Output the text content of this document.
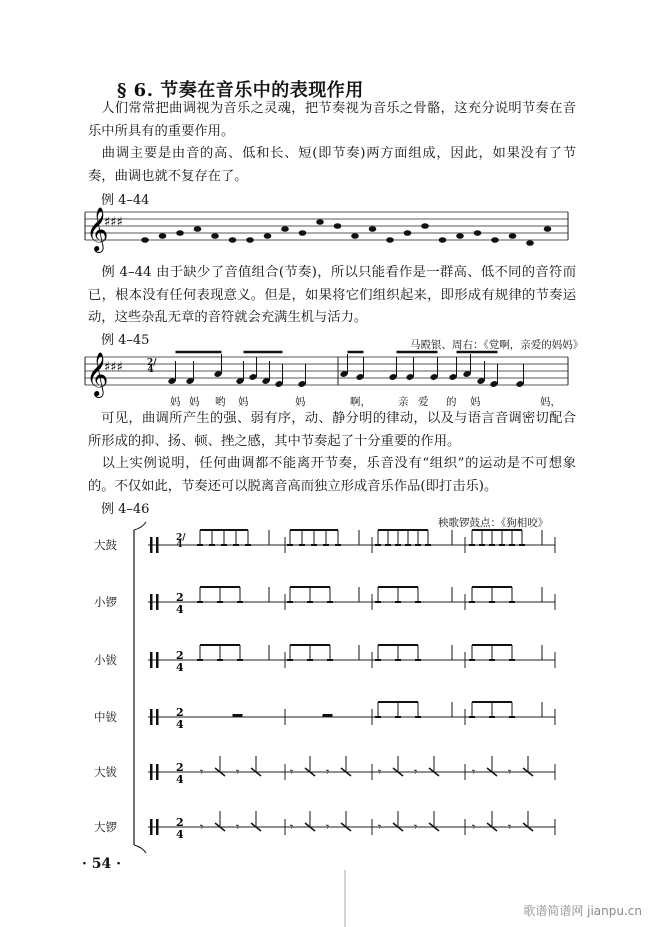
§ 6. 节奏在音乐中的表现作用
人们常常把曲调视为音乐之灵魂，把节奏视为音乐之骨骼，这充分说明节奏在音乐中所具有的重要作用。
曲调主要是由音的高、低和长、短(即节奏)两方面组成，因此，如果没有了节奏，曲调也就不复存在了。
例 4–44
例 4–44 由于缺少了音值组合(节奏)，所以只能看作是一群高、低不同的音符而已，根本没有任何表现意义。但是，如果将它们组织起来，即形成有规律的节奏运动，这些杂乱无章的音符就会充满生机与活力。
例 4–45	马殿银、周右：《党啊，亲爱的妈妈》
可见，曲调所产生的强、弱有序，动、静分明的律动，以及与语言音调密切配合所形成的抑、扬、顿、挫之感，其中节奏起了十分重要的作用。
以上实例说明，任何曲调都不能离开节奏，乐音没有“组织”的运动是不可想象的。不仅如此，节奏还可以脱离音高而独立形成音乐作品(即打击乐)。
例 4–46
秧歌锣鼓点：《狗相咬》
2/4
2/4
妈 妈 哟 妈	妈	啊，	亲 爱 的 妈	妈，
大鼓
小锣
小钹
中钹
大钹
大锣
𝄞
♯♯♯
𝄞
♯♯♯
2
4
2
4
2
4
2
4
𝄾	𝄾	𝄾	𝄾	𝄾	𝄾	𝄾	𝄾
2
4
𝄾	𝄾	𝄾	𝄾	𝄾	𝄾	𝄾	𝄾
· 54 ·
歌谱简谱网 jianpu.cn
